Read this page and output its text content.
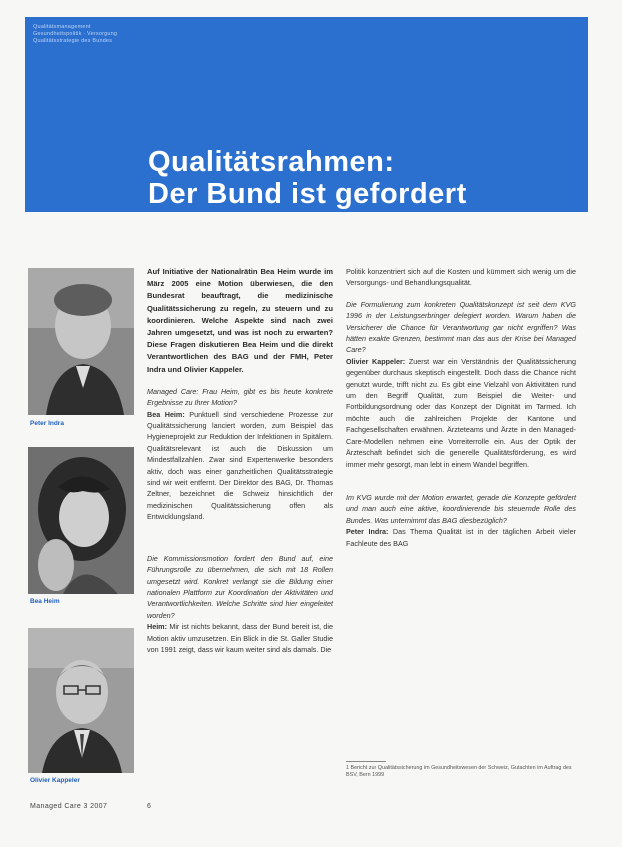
Qualitätsmanagement
Gesundheitspolitik · Versorgung
Qualitätsstrategie des Bundes
Qualitätsrahmen:
Der Bund ist gefordert
Peter Indra
Bea Heim
Olivier Kappeler

Auf Initiative der Nationalrätin Bea Heim wurde im März 2005 eine Motion überwiesen, die den Bundesrat beauftragt, die medizinische Qualitätssicherung zu regeln, zu steuern und zu koordinieren. Welche Aspekte sind nach zwei Jahren umgesetzt, und was ist noch zu erwarten? Diese Fragen diskutieren Bea Heim und die direkt Verantwortlichen des BAG und der FMH, Peter Indra und Olivier Kappeler.

Managed Care: Frau Heim, gibt es bis heute konkrete Ergebnisse zu Ihrer Motion?

Bea Heim: Punktuell sind verschiedene Prozesse zur Qualitätssicherung lanciert worden, zum Beispiel das Hygieneprojekt zur Reduktion der Infektionen in Spitälern. Qualitätsrelevant ist auch die Diskussion um Mindestfallzahlen. Zwar sind Expertenwerke besonders aktiv, doch was einer ganzheitlichen Qualitätsstrategie sind wir weit entfernt. Der Direktor des BAG, Dr. Thomas Zeltner, bezeichnet die Schweiz hinsichtlich der medizinischen Qualitätssicherung offen als Entwicklungsland.

Die Kommissionsmotion fordert den Bund auf, eine Führungsrolle zu übernehmen, die sich mit 18 Rollen umgesetzt wird. Konkret verlangt sie die Bildung einer nationalen Plattform zur Koordination der Aktivitäten und Verantwortlichkeiten. Welche Schritte sind hier eingeleitet worden?

Heim: Mir ist nichts bekannt, dass der Bund bereit ist, die Motion aktiv umzusetzen. Ein Blick in die St. Galler Studie von 1991 zeigt, dass wir kaum weiter sind als damals. Die

Politik konzentriert sich auf die Kosten und kümmert sich wenig um die Versorgungs- und Behandlungsqualität.

Die Formulierung zum konkreten Qualitätskonzept ist seit dem KVG 1996 in der Leistungserbringer delegiert worden. Warum haben die Versicherer die Chance für Verantwortung gar nicht ergriffen? Was hätten exakte Grenzen, bestimmt man das aus der Krise bei Managed Care?

Olivier Kappeler: Zuerst war ein Verständnis der Qualitätssicherung gegenüber durchaus skeptisch eingestellt. Doch dass die Chance nicht genutzt wurde, trifft nicht zu. Es gibt eine Vielzahl von Aktivitäten rund um den Begriff Qualität, zum Beispiel die Weiter- und Fortbildungsordnung oder das Konzept der Dignität im Tarmed. Ich möchte auch die zahlreichen Projekte der Kantone und Fachgesellschaften erwähnen. Ärzteteams und Ärzte in den Managed-Care-Modellen nehmen eine Vorreiterrolle ein. Aus der Optik der Ärzteschaft befindet sich die generelle Qualitätsförderung, es wird immer mehr gesorgt, man lebt in einem Wandel begriffen.

Im KVG wurde mit der Motion erwartet, gerade die Konzepte gefördert und man auch eine aktive, koordinierende bis steuernde Rolle des Bundes. Was unternimmt das BAG diesbezüglich?

Peter Indra: Das Thema Qualität ist in der täglichen Arbeit vieler Fachleute des BAG

1 Bericht zur Qualitätssicherung im Gesundheitswesen der Schweiz, Gutachten im Auftrag des BSV, Bern 1999
Managed Care 3 2007	6
